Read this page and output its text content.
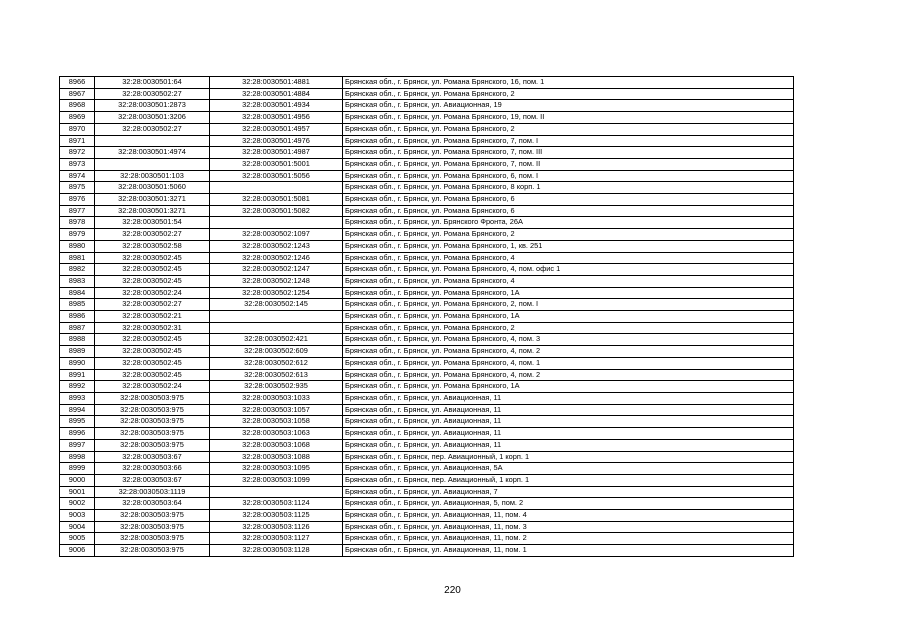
8966	32:28:0030501:64	32:28:0030501:4881	Брянская обл., г. Брянск, ул. Романа Брянского, 16, пом. 1
8967	32:28:0030502:27	32:28:0030501:4884	Брянская обл., г. Брянск, ул. Романа Брянского, 2
8968	32:28:0030501:2873	32:28:0030501:4934	Брянская обл., г. Брянск, ул. Авиационная, 19
8969	32:28:0030501:3206	32:28:0030501:4956	Брянская обл., г. Брянск, ул. Романа Брянского, 19, пом. II
8970	32:28:0030502:27	32:28:0030501:4957	Брянская обл., г. Брянск, ул. Романа Брянского, 2
8971		32:28:0030501:4976	Брянская обл., г. Брянск, ул. Романа Брянского, 7, пом. I
8972	32:28:0030501:4974	32:28:0030501:4987	Брянская обл., г. Брянск, ул. Романа Брянского, 7, пом. III
8973		32:28:0030501:5001	Брянская обл., г. Брянск, ул. Романа Брянского, 7, пом. II
8974	32:28:0030501:103	32:28:0030501:5056	Брянская обл., г. Брянск, ул. Романа Брянского, 6, пом. I
8975	32:28:0030501:5060		Брянская обл., г. Брянск, ул. Романа Брянского, 8 корп. 1
8976	32:28:0030501:3271	32:28:0030501:5081	Брянская обл., г. Брянск, ул. Романа Брянского, 6
8977	32:28:0030501:3271	32:28:0030501:5082	Брянская обл., г. Брянск, ул. Романа Брянского, 6
8978	32:28:0030501:54		Брянская обл., г. Брянск, ул. Брянского Фронта, 26А
8979	32:28:0030502:27	32:28:0030502:1097	Брянская обл., г. Брянск, ул. Романа Брянского, 2
8980	32:28:0030502:58	32:28:0030502:1243	Брянская обл., г. Брянск, ул. Романа Брянского, 1, кв. 251
8981	32:28:0030502:45	32:28:0030502:1246	Брянская обл., г. Брянск, ул. Романа Брянского, 4
8982	32:28:0030502:45	32:28:0030502:1247	Брянская обл., г. Брянск, ул. Романа Брянского, 4, пом. офис 1
8983	32:28:0030502:45	32:28:0030502:1248	Брянская обл., г. Брянск, ул. Романа Брянского, 4
8984	32:28:0030502:24	32:28:0030502:1254	Брянская обл., г. Брянск, ул. Романа Брянского, 1А
8985	32:28:0030502:27	32:28:0030502:145	Брянская обл., г. Брянск, ул. Романа Брянского, 2, пом. I
8986	32:28:0030502:21		Брянская обл., г. Брянск, ул. Романа Брянского, 1А
8987	32:28:0030502:31		Брянская обл., г. Брянск, ул. Романа Брянского, 2
8988	32:28:0030502:45	32:28:0030502:421	Брянская обл., г. Брянск, ул. Романа Брянского, 4, пом. 3
8989	32:28:0030502:45	32:28:0030502:609	Брянская обл., г. Брянск, ул. Романа Брянского, 4, пом. 2
8990	32:28:0030502:45	32:28:0030502:612	Брянская обл., г. Брянск, ул. Романа Брянского, 4, пом. 1
8991	32:28:0030502:45	32:28:0030502:613	Брянская обл., г. Брянск, ул. Романа Брянского, 4, пом. 2
8992	32:28:0030502:24	32:28:0030502:935	Брянская обл., г. Брянск, ул. Романа Брянского, 1А
8993	32:28:0030503:975	32:28:0030503:1033	Брянская обл., г. Брянск, ул. Авиационная, 11
8994	32:28:0030503:975	32:28:0030503:1057	Брянская обл., г. Брянск, ул. Авиационная, 11
8995	32:28:0030503:975	32:28:0030503:1058	Брянская обл., г. Брянск, ул. Авиационная, 11
8996	32:28:0030503:975	32:28:0030503:1063	Брянская обл., г. Брянск, ул. Авиационная, 11
8997	32:28:0030503:975	32:28:0030503:1068	Брянская обл., г. Брянск, ул. Авиационная, 11
8998	32:28:0030503:67	32:28:0030503:1088	Брянская обл., г. Брянск, пер. Авиационный, 1 корп. 1
8999	32:28:0030503:66	32:28:0030503:1095	Брянская обл., г. Брянск, ул. Авиационная, 5А
9000	32:28:0030503:67	32:28:0030503:1099	Брянская обл., г. Брянск, пер. Авиационный, 1 корп. 1
9001	32:28:0030503:1119		Брянская обл., г. Брянск, ул. Авиационная, 7
9002	32:28:0030503:64	32:28:0030503:1124	Брянская обл., г. Брянск, ул. Авиационная, 5, пом. 2
9003	32:28:0030503:975	32:28:0030503:1125	Брянская обл., г. Брянск, ул. Авиационная, 11, пом. 4
9004	32:28:0030503:975	32:28:0030503:1126	Брянская обл., г. Брянск, ул. Авиационная, 11, пом. 3
9005	32:28:0030503:975	32:28:0030503:1127	Брянская обл., г. Брянск, ул. Авиационная, 11, пом. 2
9006	32:28:0030503:975	32:28:0030503:1128	Брянская обл., г. Брянск, ул. Авиационная, 11, пом. 1
220
